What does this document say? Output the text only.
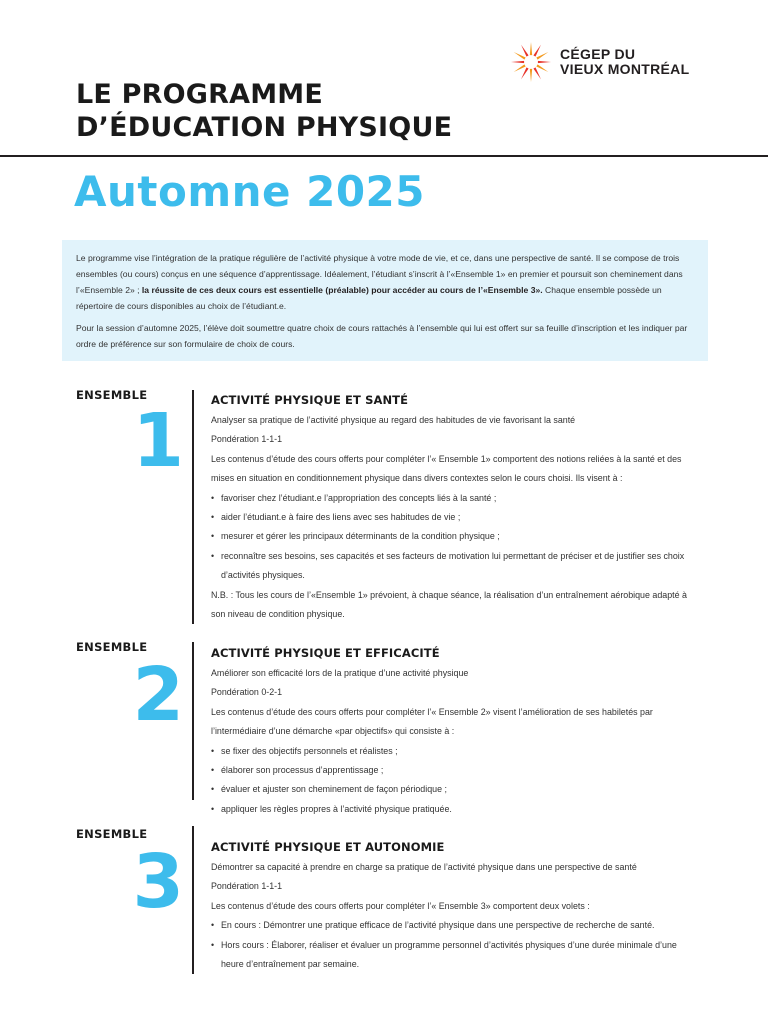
CÉGEP DU
VIEUX MONTRÉAL
LE PROGRAMME
D’ÉDUCATION PHYSIQUE
Automne 2025

Le programme vise l’intégration de la pratique régulière de l’activité physique à votre mode de vie, et ce, dans une perspective de santé. Il se compose de trois ensembles (ou cours) conçus en une séquence d’apprentissage. Idéalement, l’étudiant s’inscrit à l’«Ensemble 1» en premier et poursuit son cheminement dans l’«Ensemble 2» ; la réussite de ces deux cours est essentielle (préalable) pour accéder au cours de l’«Ensemble 3». Chaque ensemble possède un répertoire de cours disponibles au choix de l’étudiant.e.

Pour la session d’automne 2025, l’élève doit soumettre quatre choix de cours rattachés à l’ensemble qui lui est offert sur sa feuille d’inscription et les indiquer par ordre de préférence sur son formulaire de choix de cours.

ENSEMBLE
1 ACTIVITÉ PHYSIQUE ET SANTÉ
Analyser sa pratique de l’activité physique au regard des habitudes de vie favorisant la santé
Pondération 1-1-1
Les contenus d’étude des cours offerts pour compléter l’« Ensemble 1» comportent des notions reliées à la santé et des mises en situation en conditionnement physique dans divers contextes selon le cours choisi. Ils visent à :
• favoriser chez l’étudiant.e l’appropriation des concepts liés à la santé ;
• aider l’étudiant.e à faire des liens avec ses habitudes de vie ;
• mesurer et gérer les principaux déterminants de la condition physique ;
• reconnaître ses besoins, ses capacités et ses facteurs de motivation lui permettant de préciser et de justifier ses choix d’activités physiques.
N.B. : Tous les cours de l’«Ensemble 1» prévoient, à chaque séance, la réalisation d’un entraînement aérobique adapté à son niveau de condition physique.
ENSEMBLE
2 ACTIVITÉ PHYSIQUE ET EFFICACITÉ
Améliorer son efficacité lors de la pratique d’une activité physique
Pondération 0-2-1
Les contenus d’étude des cours offerts pour compléter l’« Ensemble 2» visent l’amélioration de ses habiletés par l’intermédiaire d’une démarche «par objectifs» qui consiste à :
• se fixer des objectifs personnels et réalistes ;
• élaborer son processus d’apprentissage ;
• évaluer et ajuster son cheminement de façon périodique ;
• appliquer les règles propres à l’activité physique pratiquée.
ENSEMBLE
3 ACTIVITÉ PHYSIQUE ET AUTONOMIE
Démontrer sa capacité à prendre en charge sa pratique de l’activité physique dans une perspective de santé
Pondération 1-1-1
Les contenus d’étude des cours offerts pour compléter l’« Ensemble 3» comportent deux volets :
• En cours : Démontrer une pratique efficace de l’activité physique dans une perspective de recherche de santé.
• Hors cours : Élaborer, réaliser et évaluer un programme personnel d’activités physiques d’une durée minimale d’une heure d’entraînement par semaine.
